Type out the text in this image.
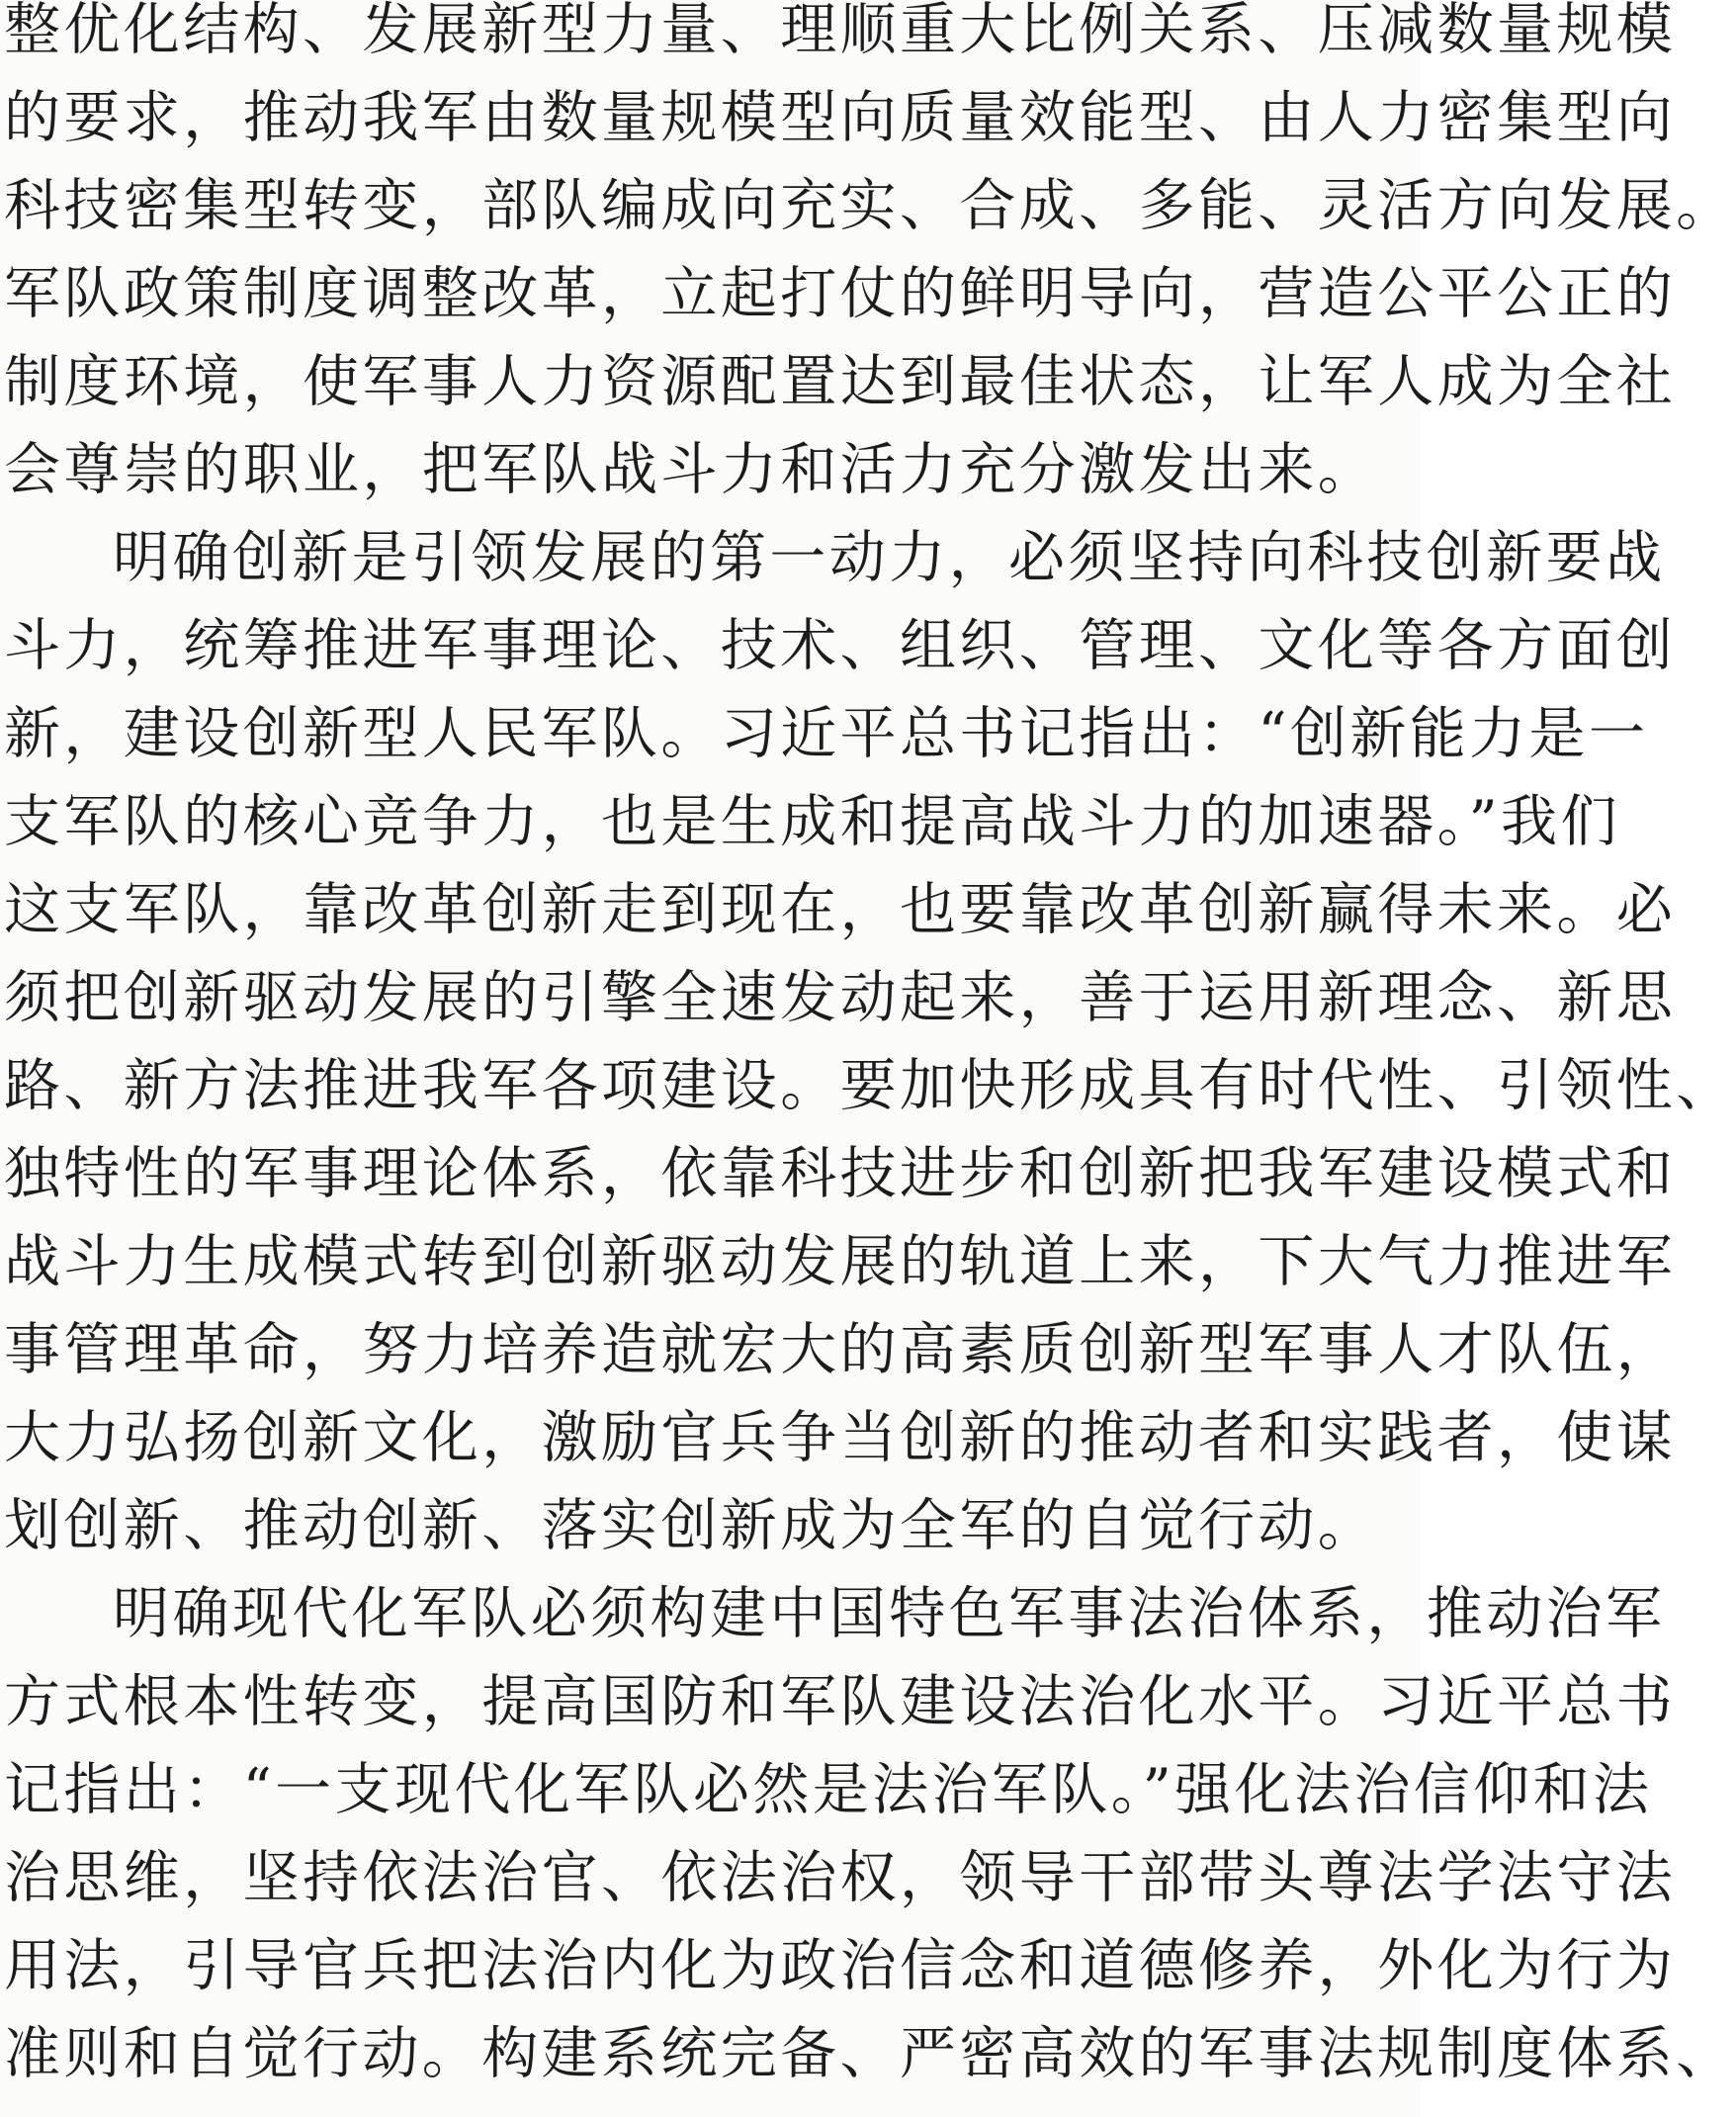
整优化结构、发展新型力量、理顺重大比例关系、压减数量规模
的要求，推动我军由数量规模型向质量效能型、由人力密集型向
科技密集型转变，部队编成向充实、合成、多能、灵活方向发展。
军队政策制度调整改革，立起打仗的鲜明导向，营造公平公正的
制度环境，使军事人力资源配置达到最佳状态，让军人成为全社
会尊崇的职业，把军队战斗力和活力充分激发出来。
明确创新是引领发展的第一动力，必须坚持向科技创新要战
斗力，统筹推进军事理论、技术、组织、管理、文化等各方面创
新，建设创新型人民军队。习近平总书记指出：“创新能力是一
支军队的核心竞争力，也是生成和提高战斗力的加速器。”我们
这支军队，靠改革创新走到现在，也要靠改革创新赢得未来。必
须把创新驱动发展的引擎全速发动起来，善于运用新理念、新思
路、新方法推进我军各项建设。要加快形成具有时代性、引领性、
独特性的军事理论体系，依靠科技进步和创新把我军建设模式和
战斗力生成模式转到创新驱动发展的轨道上来，下大气力推进军
事管理革命，努力培养造就宏大的高素质创新型军事人才队伍，
大力弘扬创新文化，激励官兵争当创新的推动者和实践者，使谋
划创新、推动创新、落实创新成为全军的自觉行动。
明确现代化军队必须构建中国特色军事法治体系，推动治军
方式根本性转变，提高国防和军队建设法治化水平。习近平总书
记指出：“一支现代化军队必然是法治军队。”强化法治信仰和法
治思维，坚持依法治官、依法治权，领导干部带头尊法学法守法
用法，引导官兵把法治内化为政治信念和道德修养，外化为行为
准则和自觉行动。构建系统完备、严密高效的军事法规制度体系、
